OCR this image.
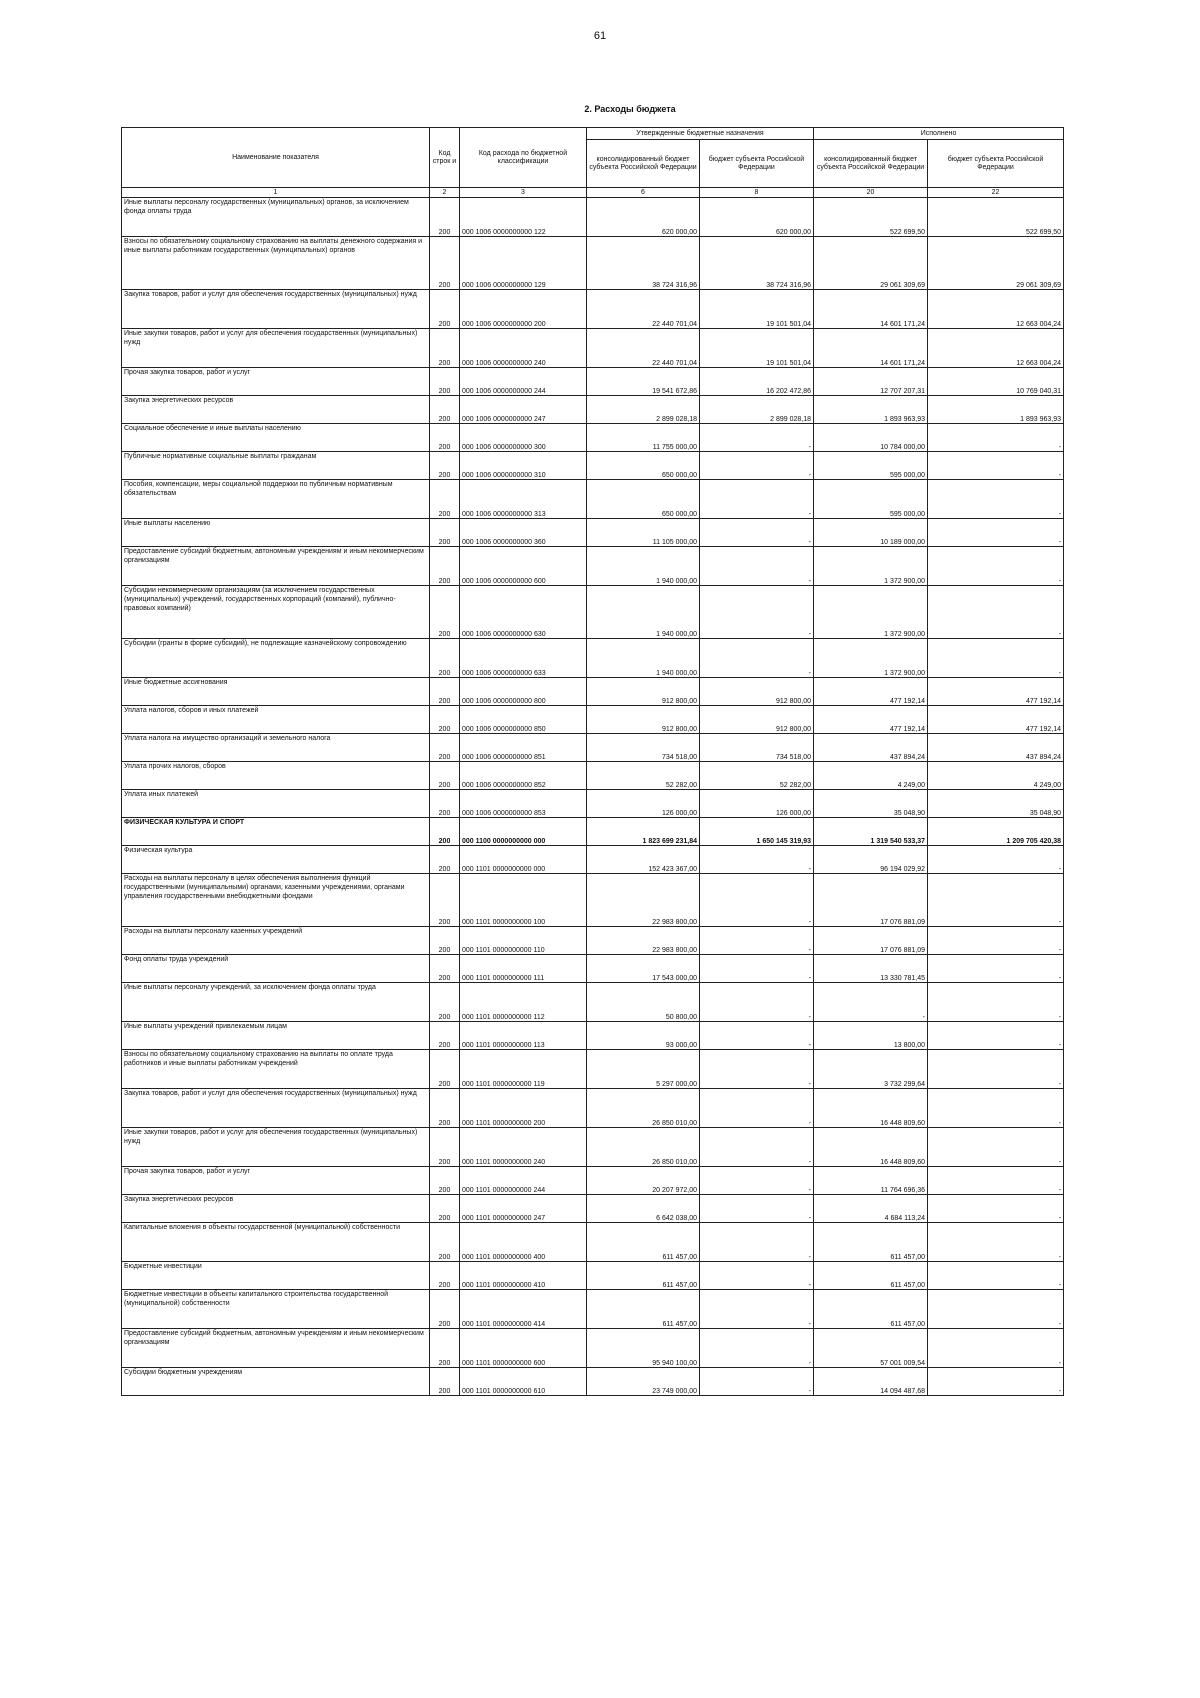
61
2. Расходы бюджета
Наименование показателя	Код строк и	Код расхода по бюджетной классификации	Утвержденные бюджетные назначения		Исполнено	
			консолидированный бюджет субъекта Российской Федерации	бюджет субъекта Российской Федерации	консолидированный бюджет субъекта Российской Федерации	бюджет субъекта Российской Федерации
1	2	3	6	8	20	22
Иные выплаты персоналу государственных (муниципальных) органов, за исключением фонда оплаты труда	200	000 1006 0000000000 122	620 000,00	620 000,00	522 699,50	522 699,50
Взносы по обязательному социальному страхованию на выплаты денежного содержания и иные выплаты работникам государственных (муниципальных) органов	200	000 1006 0000000000 129	38 724 316,96	38 724 316,96	29 061 309,69	29 061 309,69
Закупка товаров, работ и услуг для обеспечения государственных (муниципальных) нужд	200	000 1006 0000000000 200	22 440 701,04	19 101 501,04	14 601 171,24	12 663 004,24
Иные закупки товаров, работ и услуг для обеспечения государственных (муниципальных) нужд	200	000 1006 0000000000 240	22 440 701,04	19 101 501,04	14 601 171,24	12 663 004,24
Прочая закупка товаров, работ и услуг	200	000 1006 0000000000 244	19 541 672,86	16 202 472,86	12 707 207,31	10 769 040,31
Закупка энергетических ресурсов	200	000 1006 0000000000 247	2 899 028,18	2 899 028,18	1 893 963,93	1 893 963,93
Социальное обеспечение и иные выплаты населению	200	000 1006 0000000000 300	11 755 000,00	-	10 784 000,00	-
Публичные нормативные социальные выплаты гражданам	200	000 1006 0000000000 310	650 000,00	-	595 000,00	-
Пособия, компенсации, меры социальной поддержки по публичным нормативным обязательствам	200	000 1006 0000000000 313	650 000,00	-	595 000,00	-
Иные выплаты населению	200	000 1006 0000000000 360	11 105 000,00	-	10 189 000,00	-
Предоставление субсидий бюджетным, автономным учреждениям и иным некоммерческим организациям	200	000 1006 0000000000 600	1 940 000,00	-	1 372 900,00	-
Субсидии некоммерческим организациям (за исключением государственных (муниципальных) учреждений, государственных корпораций (компаний), публично-правовых компаний)	200	000 1006 0000000000 630	1 940 000,00	-	1 372 900,00	-
Субсидии (гранты в форме субсидий), не подлежащие казначейскому сопровождению	200	000 1006 0000000000 633	1 940 000,00	-	1 372 900,00	-
Иные бюджетные ассигнования	200	000 1006 0000000000 800	912 800,00	912 800,00	477 192,14	477 192,14
Уплата налогов, сборов и иных платежей	200	000 1006 0000000000 850	912 800,00	912 800,00	477 192,14	477 192,14
Уплата налога на имущество организаций и земельного налога	200	000 1006 0000000000 851	734 518,00	734 518,00	437 894,24	437 894,24
Уплата прочих налогов, сборов	200	000 1006 0000000000 852	52 282,00	52 282,00	4 249,00	4 249,00
Уплата иных платежей	200	000 1006 0000000000 853	126 000,00	126 000,00	35 048,90	35 048,90
ФИЗИЧЕСКАЯ КУЛЬТУРА И СПОРТ	200	000 1100 0000000000 000	1 823 699 231,84	1 650 145 319,93	1 319 540 533,37	1 209 705 420,38
Физическая культура	200	000 1101 0000000000 000	152 423 367,00	-	96 194 029,92	-
Расходы на выплаты персоналу в целях обеспечения выполнения функций государственными (муниципальными) органами, казенными учреждениями, органами управления государственными внебюджетными фондами	200	000 1101 0000000000 100	22 983 800,00	-	17 076 881,09	-
Расходы на выплаты персоналу казенных учреждений	200	000 1101 0000000000 110	22 983 800,00	-	17 076 881,09	-
Фонд оплаты труда учреждений	200	000 1101 0000000000 111	17 543 000,00	-	13 330 781,45	-
Иные выплаты персоналу учреждений, за исключением фонда оплаты труда	200	000 1101 0000000000 112	50 800,00	-	-	-
Иные выплаты учреждений привлекаемым лицам	200	000 1101 0000000000 113	93 000,00	-	13 800,00	-
Взносы по обязательному социальному страхованию на выплаты по оплате труда работников и иные выплаты работникам учреждений	200	000 1101 0000000000 119	5 297 000,00	-	3 732 299,64	-
Закупка товаров, работ и услуг для обеспечения государственных (муниципальных) нужд	200	000 1101 0000000000 200	26 850 010,00	-	16 448 809,60	-
Иные закупки товаров, работ и услуг для обеспечения государственных (муниципальных) нужд	200	000 1101 0000000000 240	26 850 010,00	-	16 448 809,60	-
Прочая закупка товаров, работ и услуг	200	000 1101 0000000000 244	20 207 972,00	-	11 764 696,36	-
Закупка энергетических ресурсов	200	000 1101 0000000000 247	6 642 038,00	-	4 684 113,24	-
Капитальные вложения в объекты государственной (муниципальной) собственности	200	000 1101 0000000000 400	611 457,00	-	611 457,00	-
Бюджетные инвестиции	200	000 1101 0000000000 410	611 457,00	-	611 457,00	-
Бюджетные инвестиции в объекты капитального строительства государственной (муниципальной) собственности	200	000 1101 0000000000 414	611 457,00	-	611 457,00	-
Предоставление субсидий бюджетным, автономным учреждениям и иным некоммерческим организациям	200	000 1101 0000000000 600	95 940 100,00	-	57 001 009,54	-
Субсидии бюджетным учреждениям	200	000 1101 0000000000 610	23 749 000,00	-	14 094 487,68	-
